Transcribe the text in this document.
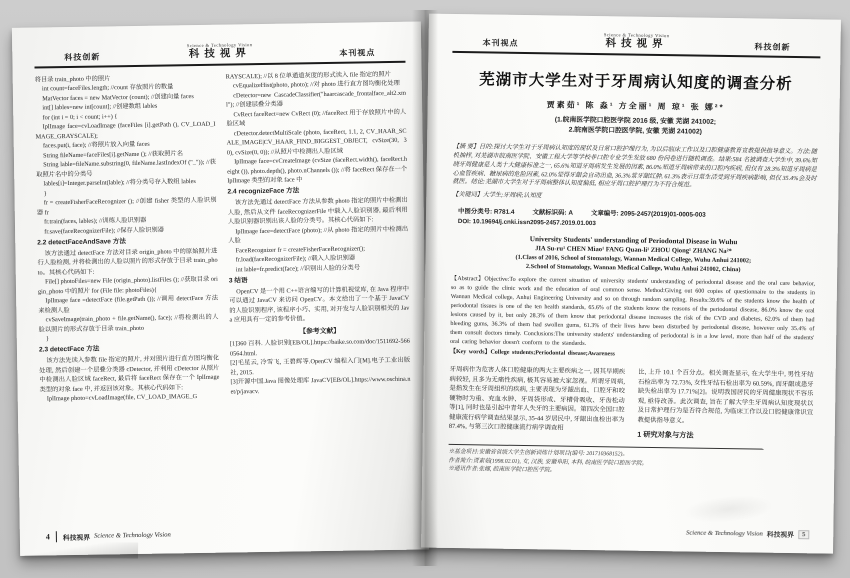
科技创新
Science & Technology Vision
科技视界	本刊视点
将目录 train_photo 中的照片
int count=faceFiles.length; //count 存放照片的数量
MatVector faces = new MatVector (count); //创建向量 faces
int[] lables=new int[count]; //创建数组 lables
for (int i = 0; i < count; i++) {
IplImage face=cvLoadImage (faceFiles [i].getPath (), CV_LOAD_IMAGE_GRAYSCALE);
faces.put(i, face); //将照片放入向量 faces
String fileName=faceFiles[i].getName (); //获取照片名
String lable=fileName.substring(0, fileName.lastIndexOf ("_")); //获取照片名中的分类号
lables[i]=Integer.parseInt(lable); //将分类号存入数组 lables
}
fr = createFisherFaceRecognizer (); //创建 fisher 类型的人脸识别器 fr
fr.train(faces, lables); //训练人脸识别器
fr.save(faceRecognizerFile); //保存人脸识别器
2.2 detectFaceAndSave 方法
该方法通过 detectFace 方法对目录 origin_photo 中的原始照片进行人脸检测, 并将检测出的人脸以照片的形式存放于目录 train_photo。其核心代码如下:
File[] photoFiles=new File (origin_photo).listFiles (); //获取目录 origin_photo 中的照片 for (File file: photoFiles){
IplImage face =detectFace (file.getPath ()); //调用 detectFace 方法来检测人脸
cvSaveImage(train_photo + file.getName(), face); //将检测出的人脸以照片的形式存放于目录 train_photo
}
2.3 detectFace 方法
该方法先读入参数 file 指定的照片, 并对照片进行直方图均衡化处理, 然后创建一个层叠分类器 cDetector, 并利用 cDetector 从照片中检测出人脸区域 faceRect, 最后将 faceRect 保存在一个 IplImage 类型的对象 face 中, 并返回该对象。其核心代码如下:
IplImage photo=cvLoadImage(file, CV_LOAD_IMAGE_G
RAYSCALE); //以 8 位单通道灰度的形式读入 file 指定的照片
cvEqualizeHist(photo, photo); //对 photo 进行直方图均衡化处理
cDetector=new CascadeClassifier("haarcascade_frontalface_alt2.xml"); //创建层叠分类器
CvRect faceRect=new CvRect (0); //faceRect 用于存放照片中的人脸区域
cDetector.detectMultiScale (photo, faceRect, 1.1, 2, CV_HAAR_SCALE_IMAGE|CV_HAAR_FIND_BIGGEST_OBJECT, cvSize(30, 30), cvSize(0, 0)); //从照片中检测出人脸区域
IplImage face=cvCreateImage (cvSize (faceRect.width(), faceRect.height ()), photo.depth(), photo.nChannels ()); //将 faceRect 保存在一个 IplImage 类型的对象 face 中
2.4 recognizeFace 方法
该方法先通过 detectFace 方法从参数 photo 指定的照片中检测出人脸, 然后从文件 faceRecognizerFile 中载入人脸识别器, 最后利用人脸识别器识别出该人脸的分类号。其核心代码如下:
IplImage face=detectFace (photo); //从 photo 指定的照片中检测出人脸
FaceRecognizer fr = createFisherFaceRecognizer();
fr.load(faceRecognizerFile); //载入人脸识别器
int lable=fr.predict(face); //识别出人脸的分类号
3 结语
OpenCV 是一个用 C++语言编写的计算机视觉库, 在 Java 程序中可以通过 JavaCV 来访问 OpenCV。本文给出了一个基于 JavaCV 的人脸识别程序, 该程序小巧、实用, 对开发与人脸识别相关的 Java 应用具有一定的参考价值。
【参考文献】
[1]360 百科. 人脸识别[EB/OL].https://baike.so.com/doc/1511692-5660564.html.
[2]毛星云, 冷雪飞, 王碧辉等.OpenCV 编程入门[M].电子工业出版社, 2015.
[3]开源中国.Java 图像处理库 JavaCV[EB/OL].https://www.oschina.net/p/javacv.
4 科技视界 Science & Technology Vision
本刊视点
Science & Technology Vision
科技视界	科技创新
芜湖市大学生对于牙周病认知度的调查分析
贾素茹¹ 陈 淼¹ 方全丽¹ 周 琼¹ 张 娜²*
(1.皖南医学院口腔医学院 2016 级, 安徽 芜湖 241002;
2.皖南医学院口腔医学院, 安徽 芜湖 241002)

【摘 要】目的:探讨大学生对于牙周病认知度的现状及日常口腔护理行为, 为以后临床工作以及口腔健康教育宣教提供指导意义。方法:随机抽样, 对芜湖市皖南医学院、安徽工程大学等学校非口腔专业学生发放 680 份问卷进行随机调查。结果:584 名被调查大学生中, 39.6%知晓牙周健康是人类十大健康标准之一, 65.6%知道牙周病发生发展的因素, 86.0%知道牙周病带来的口腔内疾病, 但仅有 28.3%知道牙周病是心血管疾病、糖尿病的危险因素, 62.0%觉得牙龈会自动出血, 36.3%常牙龈红肿, 61.3%表示日常生活受到牙周疾病影响, 但仅 35.4%会及时就医。结论:芜湖市大学生对于牙周病整体认知度偏低, 相应牙周口腔护理行为不符合规范。

【关键词】大学生;牙周病;认知度

中图分类号: R781.4	文献标识码: A	文章编号: 2095-2457(2019)01-0005-003
DOI: 10.19694/j.cnki.issn2095-2457.2019.01.003
University Students' understanding of Periodontal Disease in Wuhu
JIA Su-ru¹ CHEN Miao¹ FANG Quan-li¹ ZHOU Qiong¹ ZHANG Na²*
(1.Class of 2016, School of Stomatology, Wannan Medical College, Wuhu Anhui 241002;
2.School of Stomatology, Wannan Medical College, Wuhu Anhui 241002, China)

【Abstract】Objective:To explore the current situation of university students' understanding of periodontal disease and the oral care behavior, so as to guide the clinic work and the education of oral common sense. Method:Giving out 600 copies of questionnaire to the students in Wannan Medical college, Anhui Engineering University and so on through random sampling. Results:39.6% of the students know the health of periodontal tissues is one of the ten health standards, 65.6% of the students know the reasons of the periodontal disease, 86.0% know the oral lesions caused by it, but only 28.3% of them know that periodontal disease increases the risk of the CVD and diabetes, 62.0% of them had bleeding gums, 36.3% of them had swollen gums, 61.3% of their lives have been disturbed by periodontal disease, however only 35.4% of them consult doctors timely. Conclusions:The university students' understanding of periodontal is in a low level, more than half of the students' oral caring behavior doesn't conform to the standards.

【Key words】College students;Periodontal disease;Awareness

牙周病作为危害人体口腔健康的两大主要疾病之一, 因其早期疾病较轻, 且多为无痛性疾病, 极其容易被大家忽视。所谓牙周病, 是指发生在牙周组织的疾病, 主要表现为牙龈出血、口腔牙和咬硬物时为重、充血水肿、牙周袋形成、牙槽骨吸收、牙齿松动等[1], 同时也是引起中青年人失牙的主要病因。第四次全国口腔健康流行病学调查结果显示, 35-44 岁居民中, 牙龈出血检出率为 87.4%, 与第三次口腔健康流行病学调查相

比, 上升 10.1 个百分点。相关调查显示, 在大学生中, 男性牙结石检出率为 72.73%, 女性牙结石检出率为 60.59%, 而牙龈或患牙缺失检出率为 17.71%[2]。说明我国居民的牙周健康现状不容乐观, 亟待改善。此次调查, 旨在了解大学生牙周病认知度现状以及日常护理行为是否符合规范, 为临床工作以及口腔健康常识宣教提供指导意义。

1 研究对象与方法
※基金项目:安徽省省级大学生创新训练计划项目(编号: 201710368152)。
作者简介:贾素茹(1998.02.01), 女, 汉族, 安徽阜阳, 本科, 皖南医学院口腔医学院。
※通讯作者:张娜, 皖南医学院口腔医学院。
Science & Technology Vision 科技视界	5
